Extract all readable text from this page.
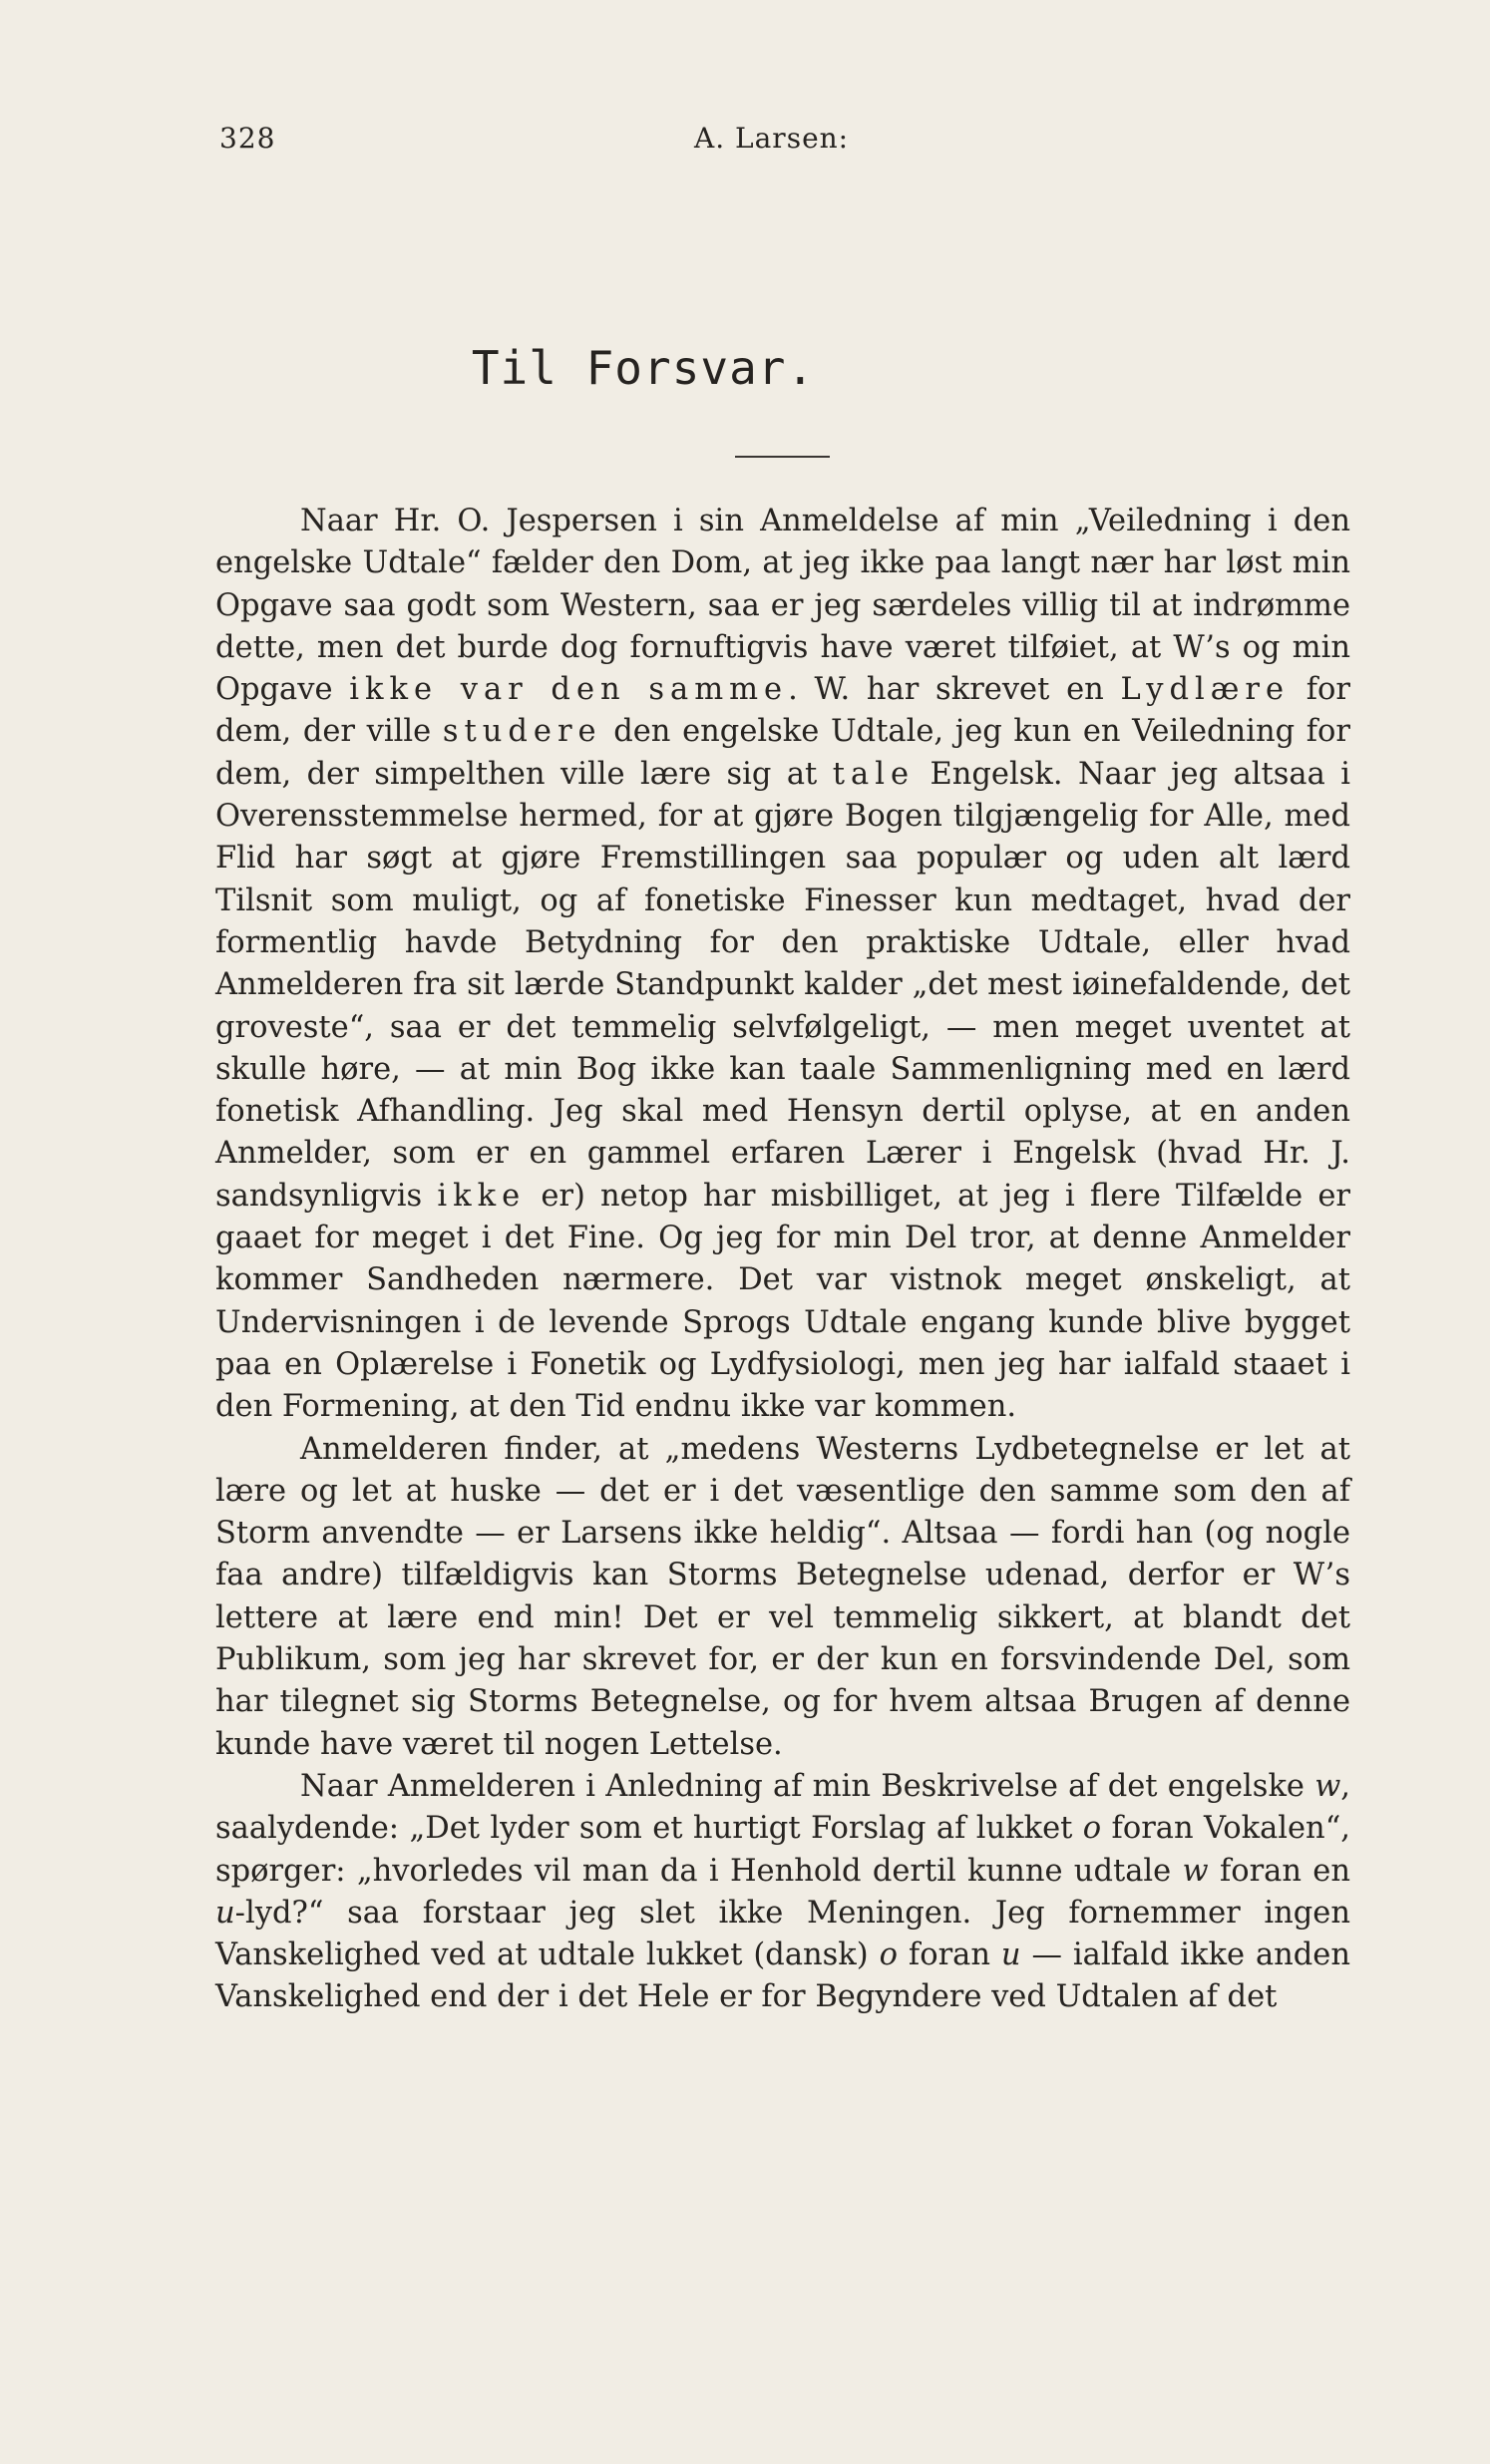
328	A. Larsen:
Til Forsvar.

Naar Hr. O. Jespersen i sin Anmeldelse af min „Veiledning i den engelske Udtale“ fælder den Dom, at jeg ikke paa langt nær har løst min Opgave saa godt som Western, saa er jeg særdeles villig til at indrømme dette, men det burde dog fornuftigvis have været tilføiet, at W’s og min Opgave ikke var den samme. W. har skrevet en Lydlære for dem, der ville studere den engelske Udtale, jeg kun en Veiledning for dem, der simpelthen ville lære sig at tale Engelsk. Naar jeg altsaa i Overensstemmelse hermed, for at gjøre Bogen tilgjængelig for Alle, med Flid har søgt at gjøre Fremstillingen saa populær og uden alt lærd Tilsnit som muligt, og af fonetiske Finesser kun medtaget, hvad der formentlig havde Betydning for den praktiske Udtale, eller hvad Anmelderen fra sit lærde Standpunkt kalder „det mest iøinefaldende, det groveste“, saa er det temmelig selvfølgeligt, — men meget uventet at skulle høre, — at min Bog ikke kan taale Sammenligning med en lærd fonetisk Afhandling. Jeg skal med Hensyn dertil oplyse, at en anden Anmelder, som er en gammel erfaren Lærer i Engelsk (hvad Hr. J. sandsynligvis ikke er) netop har misbilliget, at jeg i flere Tilfælde er gaaet for meget i det Fine. Og jeg for min Del tror, at denne Anmelder kommer Sandheden nærmere. Det var vistnok meget ønskeligt, at Undervisningen i de levende Sprogs Udtale engang kunde blive bygget paa en Oplærelse i Fonetik og Lydfysiologi, men jeg har ialfald staaet i den Formening, at den Tid endnu ikke var kommen.

Anmelderen finder, at „medens Westerns Lydbetegnelse er let at lære og let at huske — det er i det væsentlige den samme som den af Storm anvendte — er Larsens ikke heldig“. Altsaa — fordi han (og nogle faa andre) tilfældigvis kan Storms Betegnelse udenad, derfor er W’s lettere at lære end min! Det er vel temmelig sikkert, at blandt det Publikum, som jeg har skrevet for, er der kun en forsvindende Del, som har tilegnet sig Storms Betegnelse, og for hvem altsaa Brugen af denne kunde have været til nogen Lettelse.

Naar Anmelderen i Anledning af min Beskrivelse af det engelske w, saalydende: „Det lyder som et hurtigt Forslag af lukket o foran Vokalen“, spørger: „hvorledes vil man da i Henhold dertil kunne udtale w foran en u-lyd?“ saa forstaar jeg slet ikke Meningen. Jeg fornemmer ingen Vanskelighed ved at udtale lukket (dansk) o foran u — ialfald ikke anden Vanskelighed end der i det Hele er for Begyndere ved Udtalen af det
